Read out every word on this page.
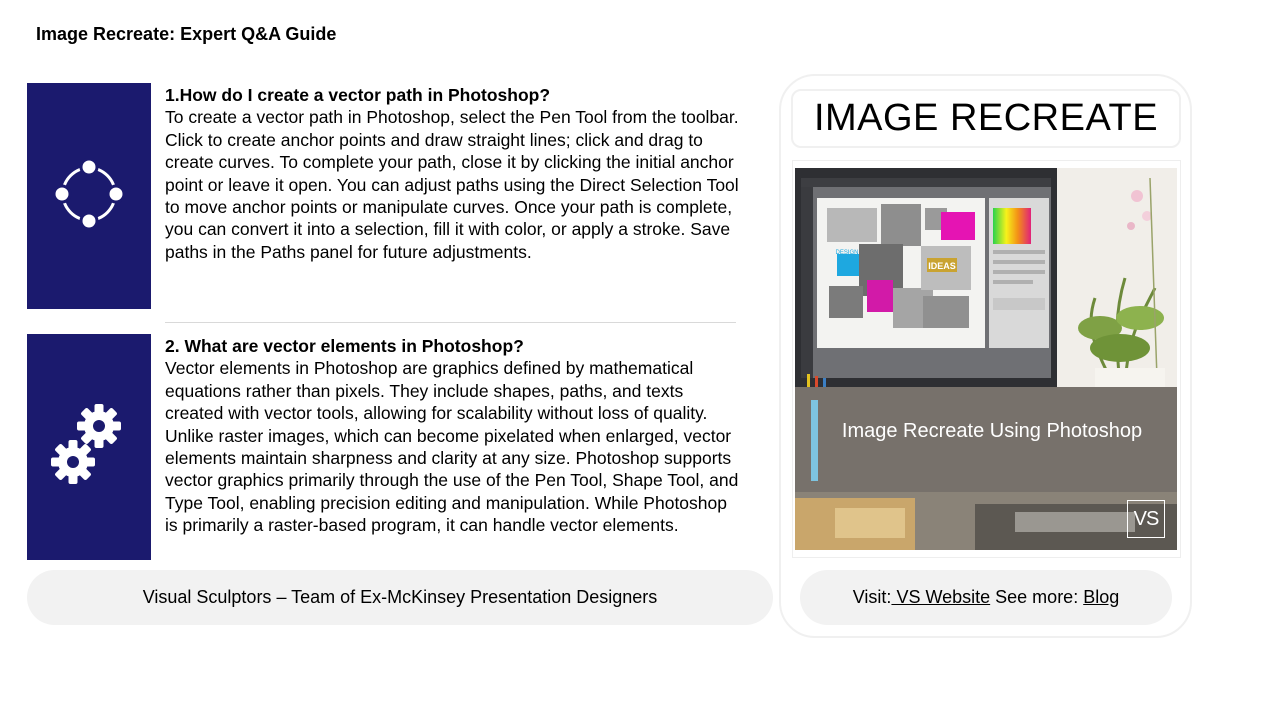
Image Recreate: Expert Q&A Guide
1.How do I create a vector path in Photoshop?
To create a vector path in Photoshop, select the Pen Tool from the toolbar. Click to create anchor points and draw straight lines; click and drag to create curves. To complete your path, close it by clicking the initial anchor point or leave it open. You can adjust paths using the Direct Selection Tool to move anchor points or manipulate curves. Once your path is complete, you can convert it into a selection, fill it with color, or apply a stroke. Save paths in the Paths panel for future adjustments.
2. What are vector elements in Photoshop?
Vector elements in Photoshop are graphics defined by mathematical equations rather than pixels. They include shapes, paths, and texts created with vector tools, allowing for scalability without loss of quality. Unlike raster images, which can become pixelated when enlarged, vector elements maintain sharpness and clarity at any size. Photoshop supports vector graphics primarily through the use of the Pen Tool, Shape Tool, and Type Tool, enabling precision editing and manipulation. While Photoshop is primarily a raster-based program, it can handle vector elements.
Visual Sculptors – Team of Ex-McKinsey Presentation Designers
IMAGE RECREATE
IDEAS
DESIGN
Image Recreate Using Photoshop
VS
Visit: VS Website See more: Blog
